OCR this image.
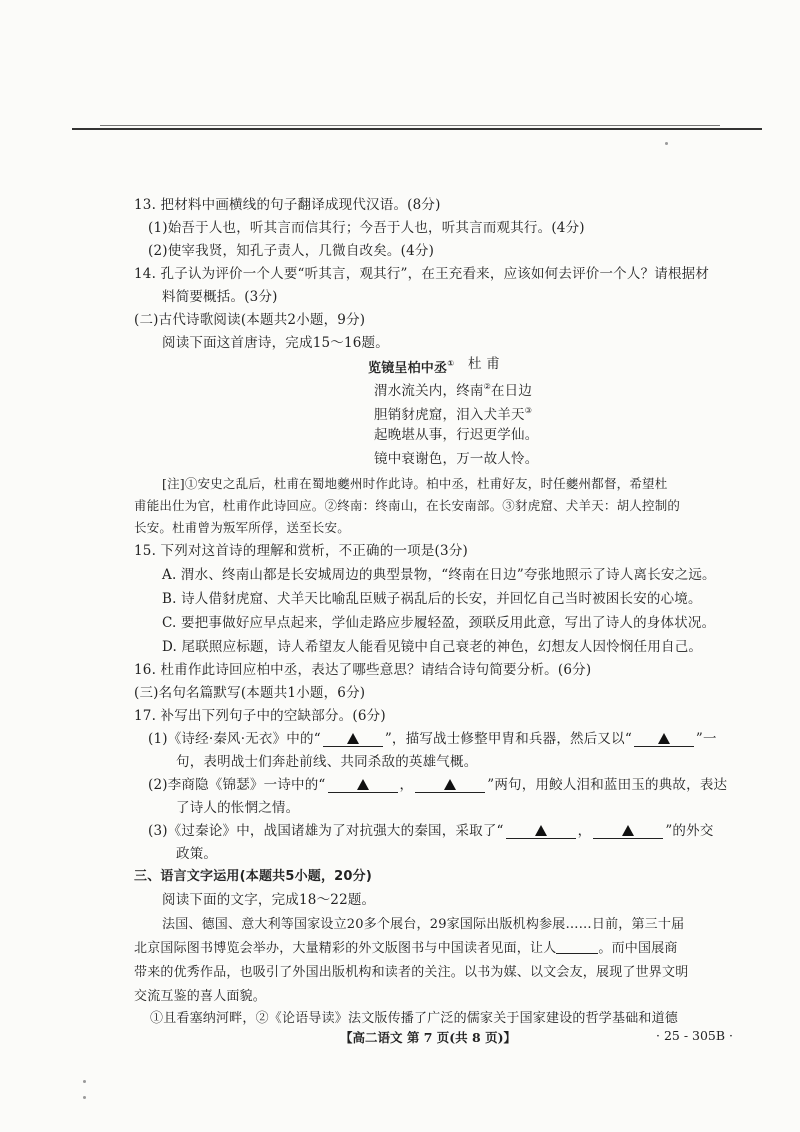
13. 把材料中画横线的句子翻译成现代汉语。(8分)
(1)始吾于人也，听其言而信其行；今吾于人也，听其言而观其行。(4分)
(2)使宰我贤，知孔子责人，几微自改矣。(4分)
14. 孔子认为评价一个人要“听其言，观其行”，在王充看来，应该如何去评价一个人？请根据材
料简要概括。(3分)
(二)古代诗歌阅读(本题共2小题，9分)
阅读下面这首唐诗，完成15～16题。
览镜呈柏中丞① 杜 甫
渭水流关内，终南②在日边
胆销豺虎窟，泪入犬羊天③
起晚堪从事，行迟更学仙。
镜中衰谢色，万一故人怜。
[注]①安史之乱后，杜甫在蜀地夔州时作此诗。柏中丞，杜甫好友，时任夔州都督，希望杜
甫能出仕为官，杜甫作此诗回应。②终南：终南山，在长安南部。③豺虎窟、犬羊天：胡人控制的
长安。杜甫曾为叛军所俘，送至长安。
15. 下列对这首诗的理解和赏析，不正确的一项是(3分)
A. 渭水、终南山都是长安城周边的典型景物，“终南在日边”夸张地照示了诗人离长安之远。
B. 诗人借豺虎窟、犬羊天比喻乱臣贼子祸乱后的长安，并回忆自己当时被困长安的心境。
C. 要把事做好应早点起来，学仙走路应步履轻盈，颈联反用此意，写出了诗人的身体状况。
D. 尾联照应标题，诗人希望友人能看见镜中自己衰老的神色，幻想友人因怜悯任用自己。
16. 杜甫作此诗回应柏中丞，表达了哪些意思？请结合诗句简要分析。(6分)
(三)名句名篇默写(本题共1小题，6分)
17. 补写出下列句子中的空缺部分。(6分)
(1)《诗经·秦风·无衣》中的“	”，描写战士修整甲胄和兵器，然后又以“	”一
句，表明战士们奔赴前线、共同杀敌的英雄气概。
(2)李商隐《锦瑟》一诗中的“	，	”两句，用鲛人泪和蓝田玉的典故，表达
了诗人的怅惘之情。
(3)《过秦论》中，战国诸雄为了对抗强大的秦国，采取了“	，	”的外交
政策。
三、语言文字运用(本题共5小题，20分)
阅读下面的文字，完成18～22题。
法国、德国、意大利等国家设立20多个展台，29家国际出版机构参展……日前，第三十届
北京国际图书博览会举办，大量精彩的外文版图书与中国读者见面，让人	。而中国展商
带来的优秀作品，也吸引了外国出版机构和读者的关注。以书为媒、以文会友，展现了世界文明
交流互鉴的喜人面貌。
①且看塞纳河畔，②《论语导读》法文版传播了广泛的儒家关于国家建设的哲学基础和道德
【高二语文 第 7 页(共 8 页)】	· 25 - 305B ·
